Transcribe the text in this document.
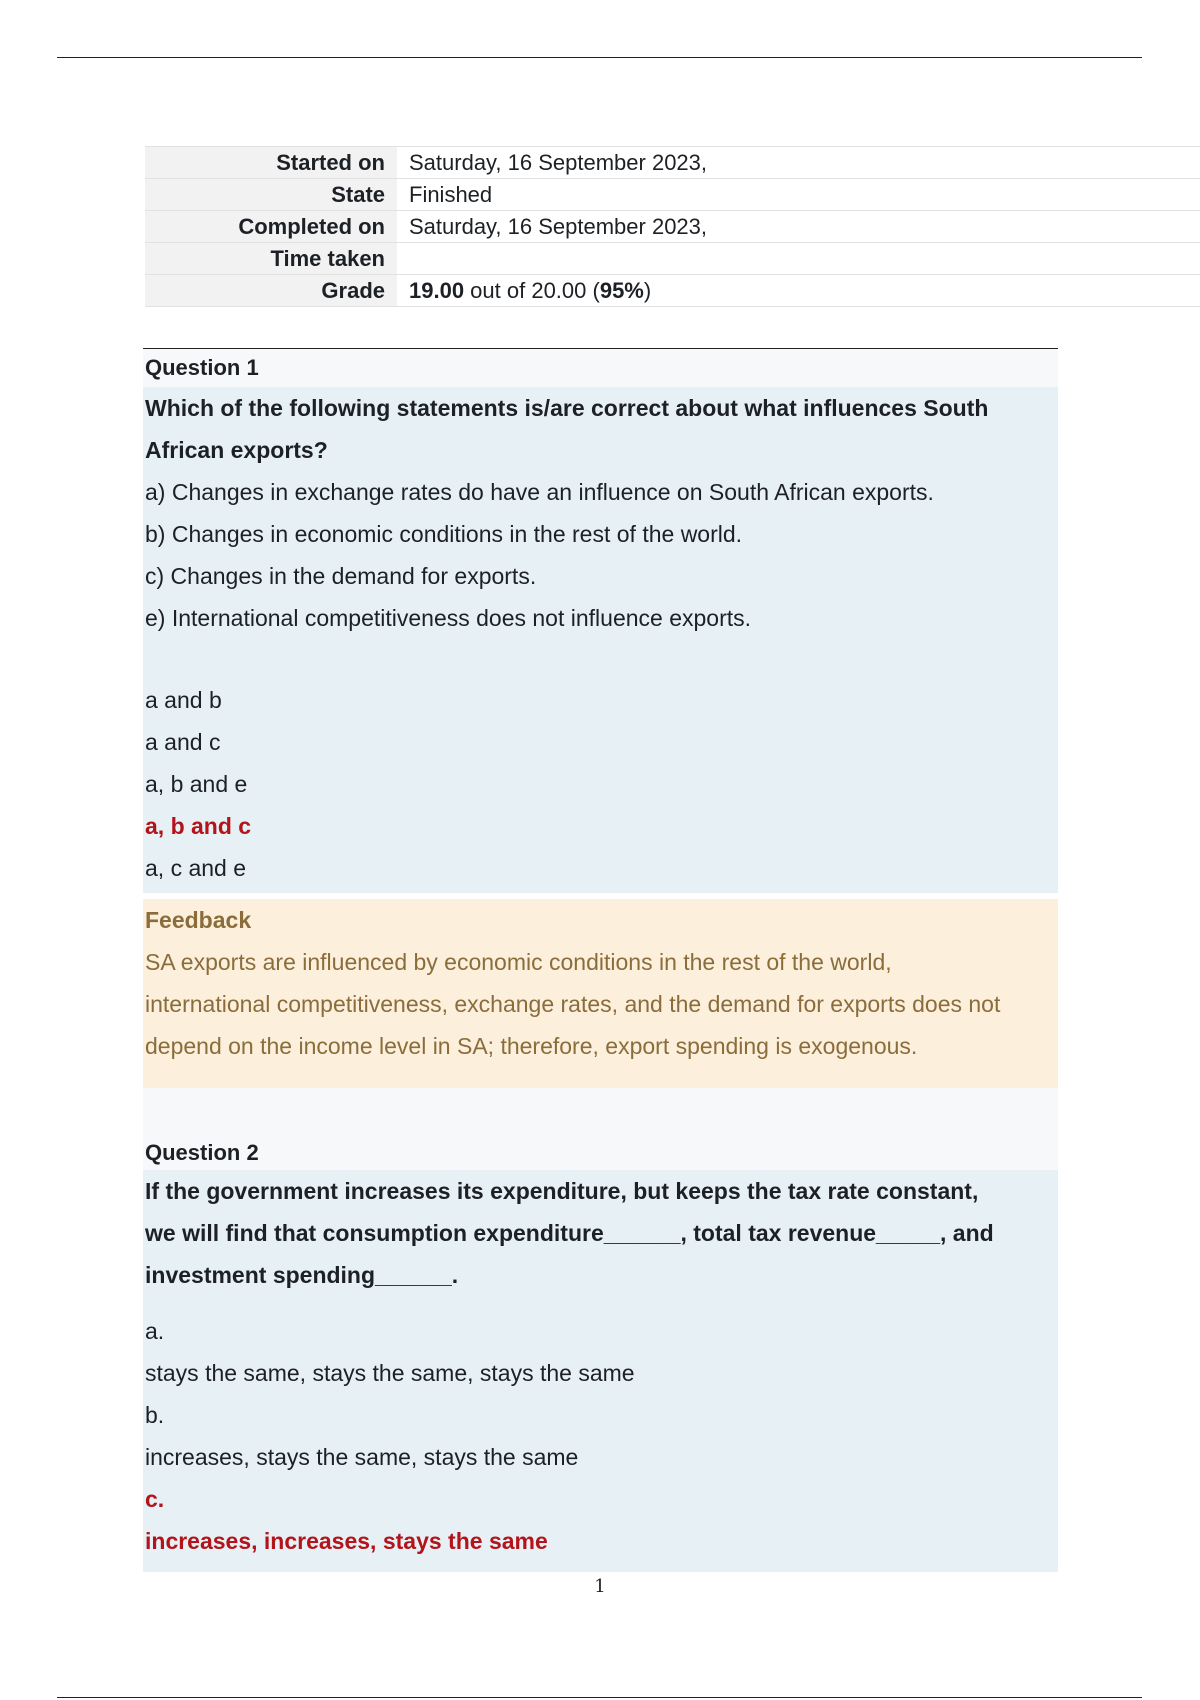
Started on	Saturday, 16 September 2023,
State	Finished
Completed on	Saturday, 16 September 2023,
Time taken	
Grade	19.00 out of 20.00 (95%)
Question 1
Which of the following statements is/are correct about what influences South
African exports?
a) Changes in exchange rates do have an influence on South African exports.
b) Changes in economic conditions in the rest of the world.
c) Changes in the demand for exports.
e) International competitiveness does not influence exports.
a and b
a and c
a, b and e
a, b and c
a, c and e
Feedback
SA exports are influenced by economic conditions in the rest of the world,
international competitiveness, exchange rates, and the demand for exports does not
depend on the income level in SA; therefore, export spending is exogenous.
Question 2
If the government increases its expenditure, but keeps the tax rate constant,
we will find that consumption expenditure______, total tax revenue_____, and
investment spending______.
a.
stays the same, stays the same, stays the same
b.
increases, stays the same, stays the same
c.
increases, increases, stays the same
1
